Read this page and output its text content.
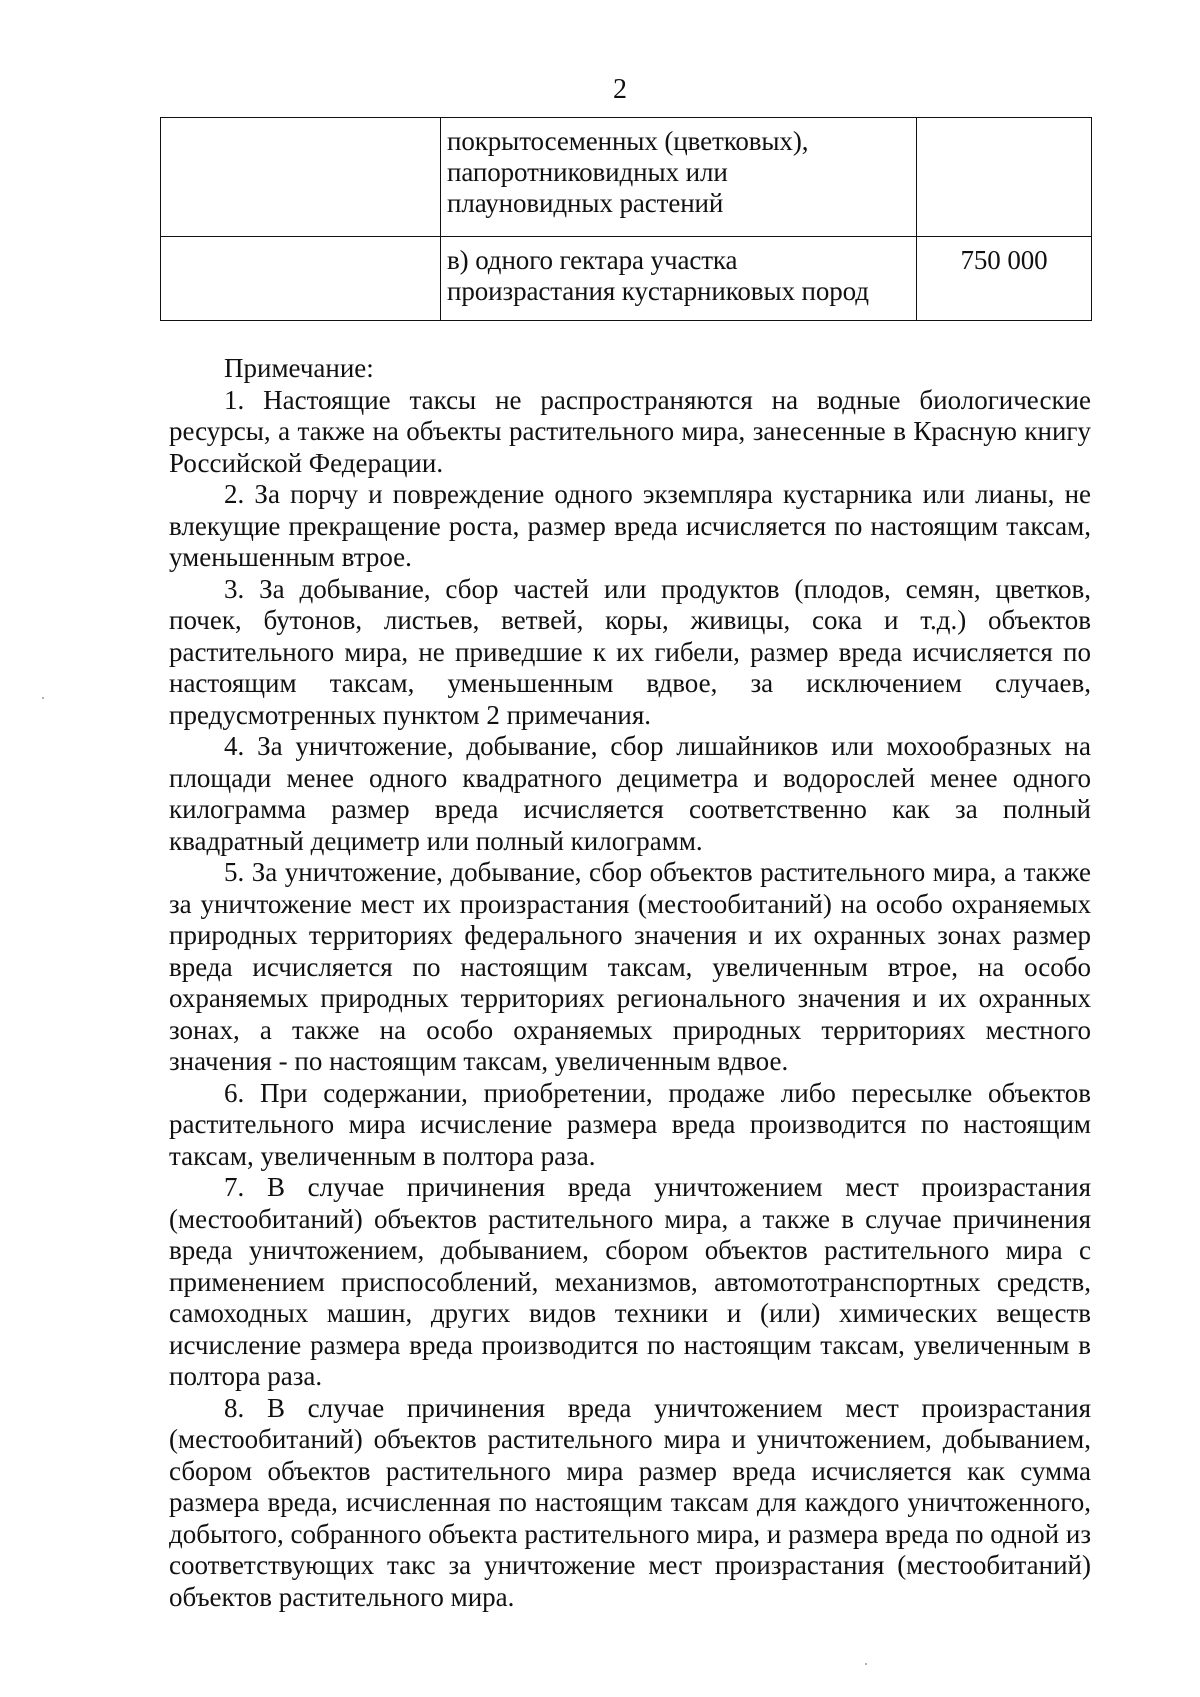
2

	покрытосеменных (цветковых),
папоротниковидных или
плауновидных растений	

	в) одного гектара участка
произрастания кустарниковых пород	750 000

Примечание:

1. Настоящие таксы не распространяются на водные биологические ресурсы, а также на объекты растительного мира, занесенные в Красную книгу Российской Федерации.

2. За порчу и повреждение одного экземпляра кустарника или лианы, не влекущие прекращение роста, размер вреда исчисляется по настоящим таксам, уменьшенным втрое.

3. За добывание, сбор частей или продуктов (плодов, семян, цветков, почек, бутонов, листьев, ветвей, коры, живицы, сока и т.д.) объектов растительного мира, не приведшие к их гибели, размер вреда исчисляется по настоящим таксам, уменьшенным вдвое, за исключением случаев, предусмотренных пунктом 2 примечания.

4. За уничтожение, добывание, сбор лишайников или мохообразных на площади менее одного квадратного дециметра и водорослей менее одного килограмма размер вреда исчисляется соответственно как за полный квадратный дециметр или полный килограмм.

5. За уничтожение, добывание, сбор объектов растительного мира, а также за уничтожение мест их произрастания (местообитаний) на особо охраняемых природных территориях федерального значения и их охранных зонах размер вреда исчисляется по настоящим таксам, увеличенным втрое, на особо охраняемых природных территориях регионального значения и их охранных зонах, а также на особо охраняемых природных территориях местного значения - по настоящим таксам, увеличенным вдвое.

6. При содержании, приобретении, продаже либо пересылке объектов растительного мира исчисление размера вреда производится по настоящим таксам, увеличенным в полтора раза.

7. В случае причинения вреда уничтожением мест произрастания (местообитаний) объектов растительного мира, а также в случае причинения вреда уничтожением, добыванием, сбором объектов растительного мира с применением приспособлений, механизмов, автомототранспортных средств, самоходных машин, других видов техники и (или) химических веществ исчисление размера вреда производится по настоящим таксам, увеличенным в полтора раза.

8. В случае причинения вреда уничтожением мест произрастания (местообитаний) объектов растительного мира и уничтожением, добыванием, сбором объектов растительного мира размер вреда исчисляется как сумма размера вреда, исчисленная по настоящим таксам для каждого уничтоженного, добытого, собранного объекта растительного мира, и размера вреда по одной из соответствующих такс за уничтожение мест произрастания (местообитаний) объектов растительного мира.
